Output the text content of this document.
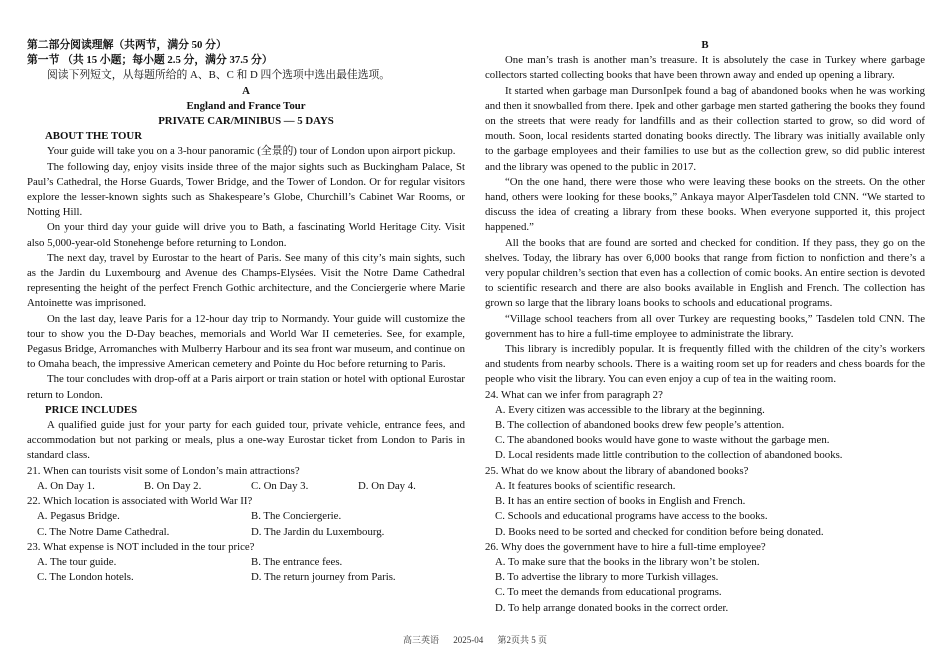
第二部分阅读理解（共两节，满分 50 分）

第一节 （共 15 小题；每小题 2.5 分，满分 37.5 分）

阅读下列短文，从每题所给的 A、B、C 和 D 四个选项中选出最佳选项。

A

England and France Tour

PRIVATE CAR/MINIBUS — 5 DAYS

ABOUT THE TOUR

Your guide will take you on a 3-hour panoramic (全景的) tour of London upon airport pickup.

The following day, enjoy visits inside three of the major sights such as Buckingham Palace, St Paul’s Cathedral, the Horse Guards, Tower Bridge, and the Tower of London. Or for regular visitors explore the lesser-known sights such as Shakespeare’s Globe, Churchill’s Cabinet War Rooms, or Notting Hill.

On your third day your guide will drive you to Bath, a fascinating World Heritage City. Visit also 5,000-year-old Stonehenge before returning to London.

The next day, travel by Eurostar to the heart of Paris. See many of this city’s main sights, such as the Jardin du Luxembourg and Avenue des Champs-Elysées. Visit the Notre Dame Cathedral representing the height of the perfect French Gothic architecture, and the Conciergerie where Marie Antoinette was imprisoned.

On the last day, leave Paris for a 12-hour day trip to Normandy. Your guide will customize the tour to show you the D-Day beaches, memorials and World War II cemeteries. See, for example, Pegasus Bridge, Arromanches with Mulberry Harbour and its sea front war museum, and continue on to Omaha beach, the impressive American cemetery and Pointe du Hoc before returning to Paris.

The tour concludes with drop-off at a Paris airport or train station or hotel with optional Eurostar return to London.

PRICE INCLUDES

A qualified guide just for your party for each guided tour, private vehicle, entrance fees, and accommodation but not parking or meals, plus a one-way Eurostar ticket from London to Paris in standard class.

21. When can tourists visit some of London’s main attractions?

A. On Day 1.	B. On Day 2.	C. On Day 3.	D. On Day 4.

22. Which location is associated with World War II?

A. Pegasus Bridge.	B. The Conciergerie.
C. The Notre Dame Cathedral.	D. The Jardin du Luxembourg.

23. What expense is NOT included in the tour price?

A. The tour guide.	B. The entrance fees.
C. The London hotels.	D. The return journey from Paris.

B

One man’s trash is another man’s treasure. It is absolutely the case in Turkey where garbage collectors started collecting books that have been thrown away and ended up opening a library.

It started when garbage man DursonIpek found a bag of abandoned books when he was working and then it snowballed from there. Ipek and other garbage men started gathering the books they found on the streets that were ready for landfills and as their collection started to grow, so did word of mouth. Soon, local residents started donating books directly. The library was initially available only to the garbage employees and their families to use but as the collection grew, so did public interest and the library was opened to the public in 2017.

“On the one hand, there were those who were leaving these books on the streets. On the other hand, others were looking for these books,” Ankaya mayor AlperTasdelen told CNN. “We started to discuss the idea of creating a library from these books. When everyone supported it, this project happened.”

All the books that are found are sorted and checked for condition. If they pass, they go on the shelves. Today, the library has over 6,000 books that range from fiction to nonfiction and there’s a very popular children’s section that even has a collection of comic books. An entire section is devoted to scientific research and there are also books available in English and French. The collection has grown so large that the library loans books to schools and educational programs.

“Village school teachers from all over Turkey are requesting books,” Tasdelen told CNN. The government has to hire a full-time employee to administrate the library.

This library is incredibly popular. It is frequently filled with the children of the city’s workers and students from nearby schools. There is a waiting room set up for readers and chess boards for the people who visit the library. You can even enjoy a cup of tea in the waiting room.

24. What can we infer from paragraph 2?

A. Every citizen was accessible to the library at the beginning.

B. The collection of abandoned books drew few people’s attention.

C. The abandoned books would have gone to waste without the garbage men.

D. Local residents made little contribution to the collection of abandoned books.

25. What do we know about the library of abandoned books?

A. It features books of scientific research.

B. It has an entire section of books in English and French.

C. Schools and educational programs have access to the books.

D. Books need to be sorted and checked for condition before being donated.

26. Why does the government have to hire a full-time employee?

A. To make sure that the books in the library won’t be stolen.

B. To advertise the library to more Turkish villages.

C. To meet the demands from educational programs.

D. To help arrange donated books in the correct order.

高三英语 2025-04 第2页共 5 页
